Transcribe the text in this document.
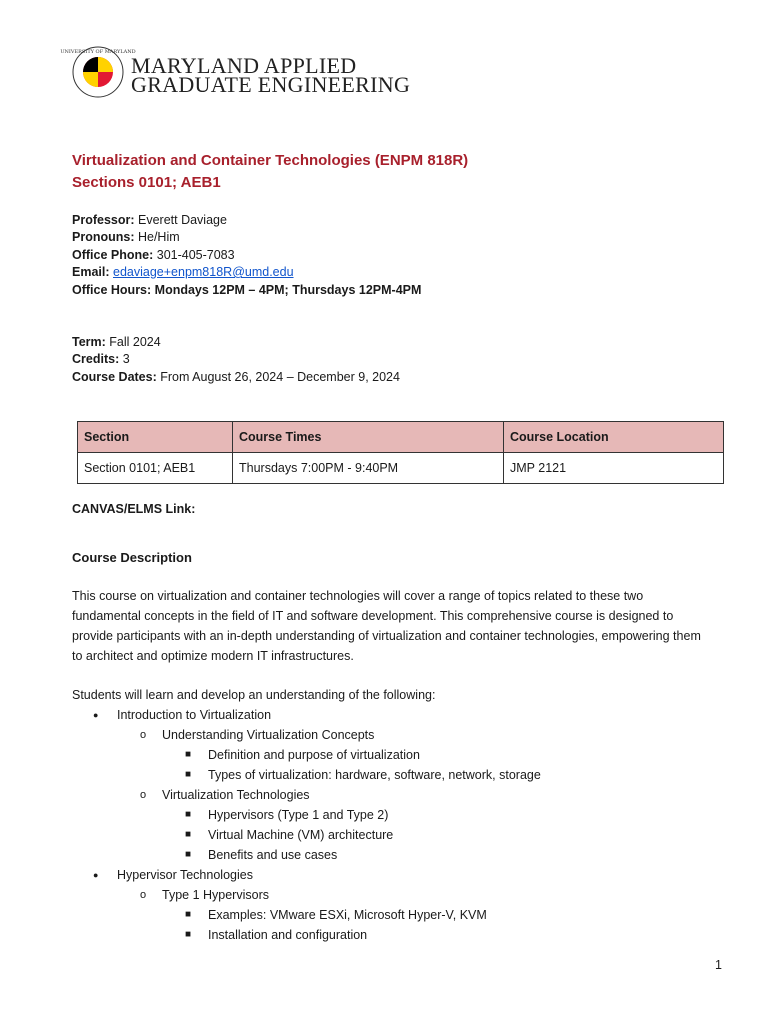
UNIVERSITY OF MARYLAND
MARYLAND APPLIED
GRADUATE ENGINEERING
Virtualization and Container Technologies (ENPM 818R)
Sections 0101; AEB1
Professor: Everett Daviage
Pronouns: He/Him
Office Phone: 301-405-7083
Email: edaviage+enpm818R@umd.edu
Office Hours: Mondays 12PM – 4PM; Thursdays 12PM-4PM
Term: Fall 2024
Credits: 3
Course Dates: From August 26, 2024 – December 9, 2024
Section	Course Times	Course Location
Section 0101; AEB1	Thursdays 7:00PM - 9:40PM	JMP 2121
CANVAS/ELMS Link:
Course Description
This course on virtualization and container technologies will cover a range of topics related to these two
fundamental concepts in the field of IT and software development. This comprehensive course is designed to
provide participants with an in-depth understanding of virtualization and container technologies, empowering them
to architect and optimize modern IT infrastructures.
Students will learn and develop an understanding of the following:
● Introduction to Virtualization
o Understanding Virtualization Concepts
■ Definition and purpose of virtualization
■ Types of virtualization: hardware, software, network, storage
o Virtualization Technologies
■ Hypervisors (Type 1 and Type 2)
■ Virtual Machine (VM) architecture
■ Benefits and use cases
● Hypervisor Technologies
o Type 1 Hypervisors
■ Examples: VMware ESXi, Microsoft Hyper-V, KVM
■ Installation and configuration
1
